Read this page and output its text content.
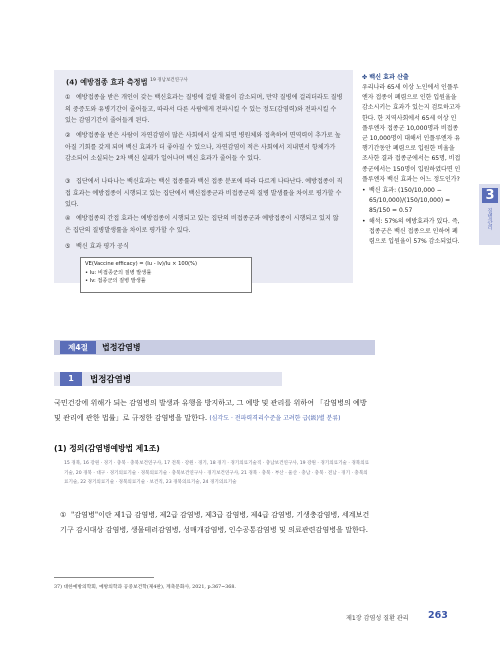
(4) 예방접종 효과 측정법 $^{19 경남보건연구사}$
① 예방접종을 받은 개인이 갖는 백신효과는 질병에 걸릴 확률이 감소되며, 만약 질병에 걸리더라도 질병의 중증도와 유병기간이 줄어들고, 따라서 다른 사람에게 전파시킬 수 있는 정도(감염력)와 전파시킬 수 있는 감염기간이 줄어들게 된다.
② 예방접종을 받은 사람이 자연감염이 많은 사회에서 살게 되면 병원체와 접촉하여 면역력이 추가로 높아질 기회를 갖게 되며 백신 효과가 더 좋아질 수 있으나, 자연감염이 적은 사회에서 지내면서 항체가가 감소되어 소실되는 2차 백신 실패가 일어나며 백신 효과가 줄어들 수 있다.
③ 집단에서 나타나는 백신효과는 백신 접종률과 백신 접종 분포에 따라 다르게 나타난다. 예방접종이 직접 효과는 예방접종이 시행되고 있는 집단에서 백신접종군과 비접종군의 질병 발생률을 차이로 평가할 수 있다.
④ 예방접종의 간접 효과는 예방접종이 시행되고 있는 집단의 비접종군과 예방접종이 시행되고 있지 않은 집단의 질병발생률을 차이로 평가할 수 있다.
⑤ 백신 효과 평가 공식
VE(Vaccine efficacy) = (Iu - Iv)/Iu × 100(%)
• Iu: 비접종군의 질병 발생률
• Iv: 접종군의 질병 발생률
✤ 백신 효과 산출
우리나라 65세 이상 노인에서 인플루엔자 접종이 폐렴으로 인한 입원율을 감소시키는 효과가 있는지 검토하고자 한다. 한 지역사회에서 65세 이상 인플루엔자 접종군 10,000명과 비접종군 10,000명이 대해서 인플루엔자 유행기간동안 폐렴으로 입원한 비율을 조사한 결과 접종군에서는 65명, 비접종군에서는 150명이 입원하였다면 인플루엔자 백신 효과는 어느 정도인가?
• 백신 효과: (150/10,000 − 65/10,000)/(150/10,000) = 85/150 = 0.57
• 해석: 57%의 예방효과가 있다. 즉, 접종군은 백신 접종으로 인하여 폐렴으로 입원율이 57% 감소되었다.
3
질병관리
제4절	법정감염병
1	법정감염병
국민건강에 위해가 되는 감염병의 발생과 유행을 방지하고, 그 예방 및 관리를 위하여 「감염병의 예방 및 관리에 관한 법률」로 규정한 감염병을 말한다. (심각도 · 전파력격리수준을 고려한 급(級)별 분류)
(1) 정의(감염병예방법 제1조)
15 경북, 16 강원 · 경기 · 충북 · 충북보건연구사, 17 전북 · 강원 · 경기, 18 경기 · 경기의료기술직 · 충남보건연구사, 19 강원 · 경기의료기술 · 경북의료기술, 20 경북 · 대구 · 경기의료기술 · 경북의료기술 · 충북보건연구사 · 경기보건연구사, 21 경북 · 충북 · 부산 · 울산 · 충남 · 충북 · 전남 · 경기 · 충북의료기술, 22 경기의료기술 · 경북의료기술 · 보건직, 23 경북의료기술, 24 경기의료기술
① "감염병"이란 제1급 감염병, 제2급 감염병, 제3급 감염병, 제4급 감염병, 기생충감염병, 세계보건기구 감시대상 감염병, 생물테러감염병, 성매개감염병, 인수공통감염병 및 의료관련감염병을 말한다.
37) 대한예방의학회, 예방의학과 공중보건학(제4판), 계축문화사, 2021, p.367~368.
제1장 감염성 질환 관리 263
